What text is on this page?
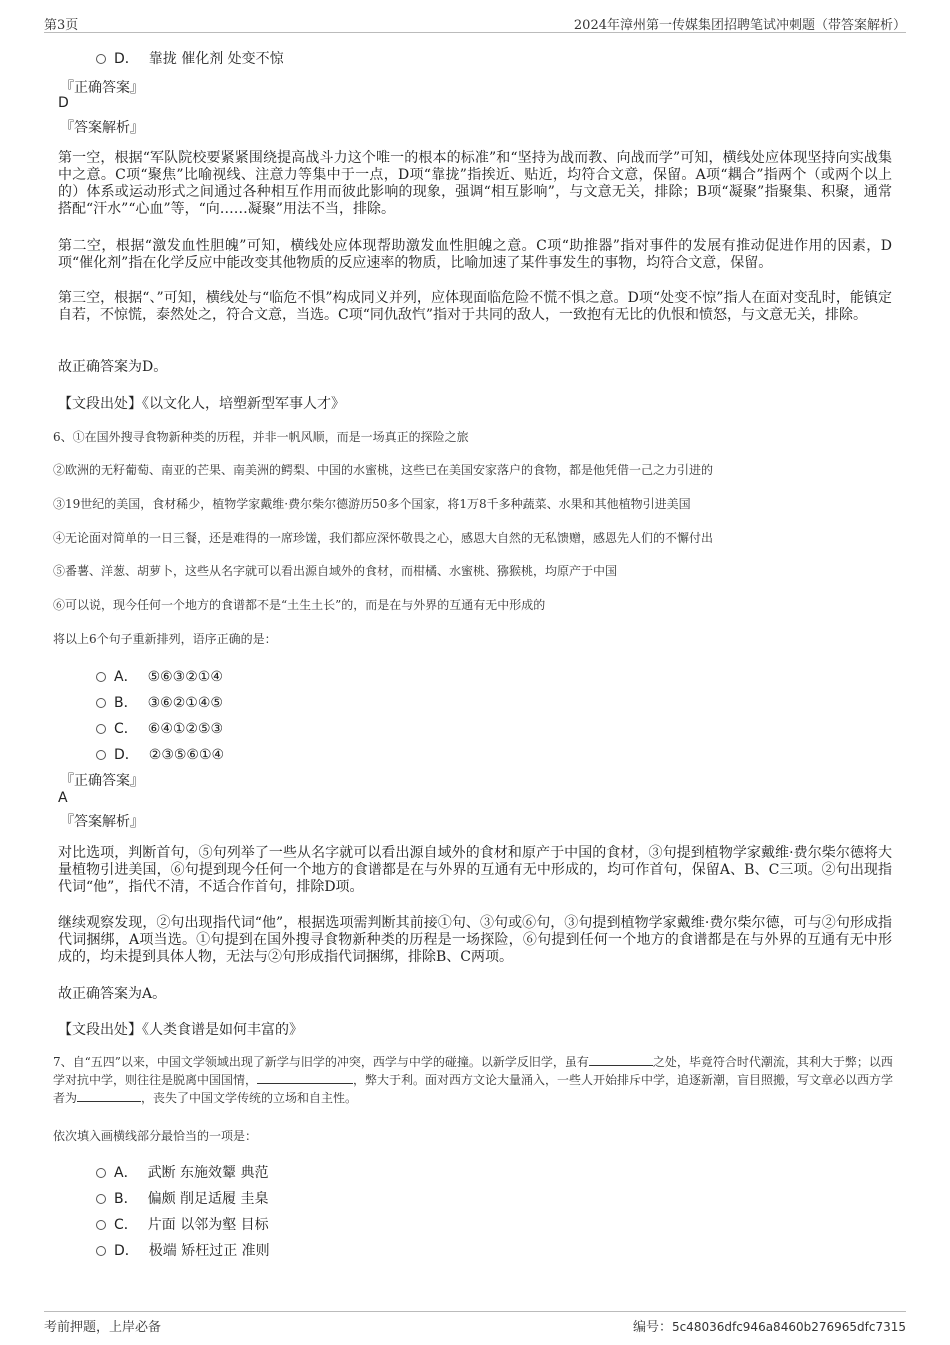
第3页	2024年漳州第一传媒集团招聘笔试冲刺题（带答案解析）
D． 靠拢 催化剂 处变不惊
『正确答案』
D
『答案解析』
第一空，根据“军队院校要紧紧围绕提高战斗力这个唯一的根本的标准”和“坚持为战而教、向战而学”可知，横线处应体现坚持向实战集中之意。C项“聚焦”比喻视线、注意力等集中于一点，D项“靠拢”指挨近、贴近，均符合文意，保留。A项“耦合”指两个（或两个以上的）体系或运动形式之间通过各种相互作用而彼此影响的现象，强调“相互影响”，与文意无关，排除；B项“凝聚”指聚集、积聚，通常搭配“汗水”“心血”等，“向……凝聚”用法不当，排除。
第二空，根据“激发血性胆魄”可知，横线处应体现帮助激发血性胆魄之意。C项“助推器”指对事件的发展有推动促进作用的因素，D项“催化剂”指在化学反应中能改变其他物质的反应速率的物质，比喻加速了某件事发生的事物，均符合文意，保留。
第三空，根据“、”可知，横线处与“临危不惧”构成同义并列，应体现面临危险不慌不惧之意。D项“处变不惊”指人在面对变乱时，能镇定自若，不惊慌，泰然处之，符合文意，当选。C项“同仇敌忾”指对于共同的敌人，一致抱有无比的仇恨和愤怒，与文意无关，排除。
故正确答案为D。
【文段出处】《以文化人，培塑新型军事人才》
6、①在国外搜寻食物新种类的历程，并非一帆风顺，而是一场真正的探险之旅
②欧洲的无籽葡萄、南亚的芒果、南美洲的鳄梨、中国的水蜜桃，这些已在美国安家落户的食物，都是他凭借一己之力引进的
③19世纪的美国，食材稀少，植物学家戴维·费尔柴尔德游历50多个国家，将1万8千多种蔬菜、水果和其他植物引进美国
④无论面对简单的一日三餐，还是难得的一席珍馐，我们都应深怀敬畏之心，感恩大自然的无私馈赠，感恩先人们的不懈付出
⑤番薯、洋葱、胡萝卜，这些从名字就可以看出源自域外的食材，而柑橘、水蜜桃、猕猴桃，均原产于中国
⑥可以说，现今任何一个地方的食谱都不是“土生土长”的，而是在与外界的互通有无中形成的
将以上6个句子重新排列，语序正确的是：
A． ⑤⑥③②①④
B． ③⑥②①④⑤
C． ⑥④①②⑤③
D． ②③⑤⑥①④
『正确答案』
A
『答案解析』
对比选项，判断首句，⑤句列举了一些从名字就可以看出源自域外的食材和原产于中国的食材，③句提到植物学家戴维·费尔柴尔德将大量植物引进美国，⑥句提到现今任何一个地方的食谱都是在与外界的互通有无中形成的，均可作首句，保留A、B、C三项。②句出现指代词“他”，指代不清，不适合作首句，排除D项。
继续观察发现，②句出现指代词“他”，根据选项需判断其前接①句、③句或⑥句，③句提到植物学家戴维·费尔柴尔德，可与②句形成指代词捆绑，A项当选。①句提到在国外搜寻食物新种类的历程是一场探险，⑥句提到任何一个地方的食谱都是在与外界的互通有无中形成的，均未提到具体人物，无法与②句形成指代词捆绑，排除B、C两项。
故正确答案为A。
【文段出处】《人类食谱是如何丰富的》
7、自“五四”以来，中国文学领域出现了新学与旧学的冲突，西学与中学的碰撞。以新学反旧学，虽有	之处，毕竟符合时代潮流，其利大于弊；以西学对抗中学，则往往是脱离中国国情，	，弊大于利。面对西方文论大量涌入，一些人开始排斥中学，追逐新潮，盲目照搬，写文章必以西方学者为	，丧失了中国文学传统的立场和自主性。
依次填入画横线部分最恰当的一项是：
A． 武断 东施效颦 典范
B． 偏颇 削足适履 圭臬
C． 片面 以邻为壑 目标
D． 极端 矫枉过正 准则
考前押题，上岸必备	编号：5c48036dfc946a8460b276965dfc7315
